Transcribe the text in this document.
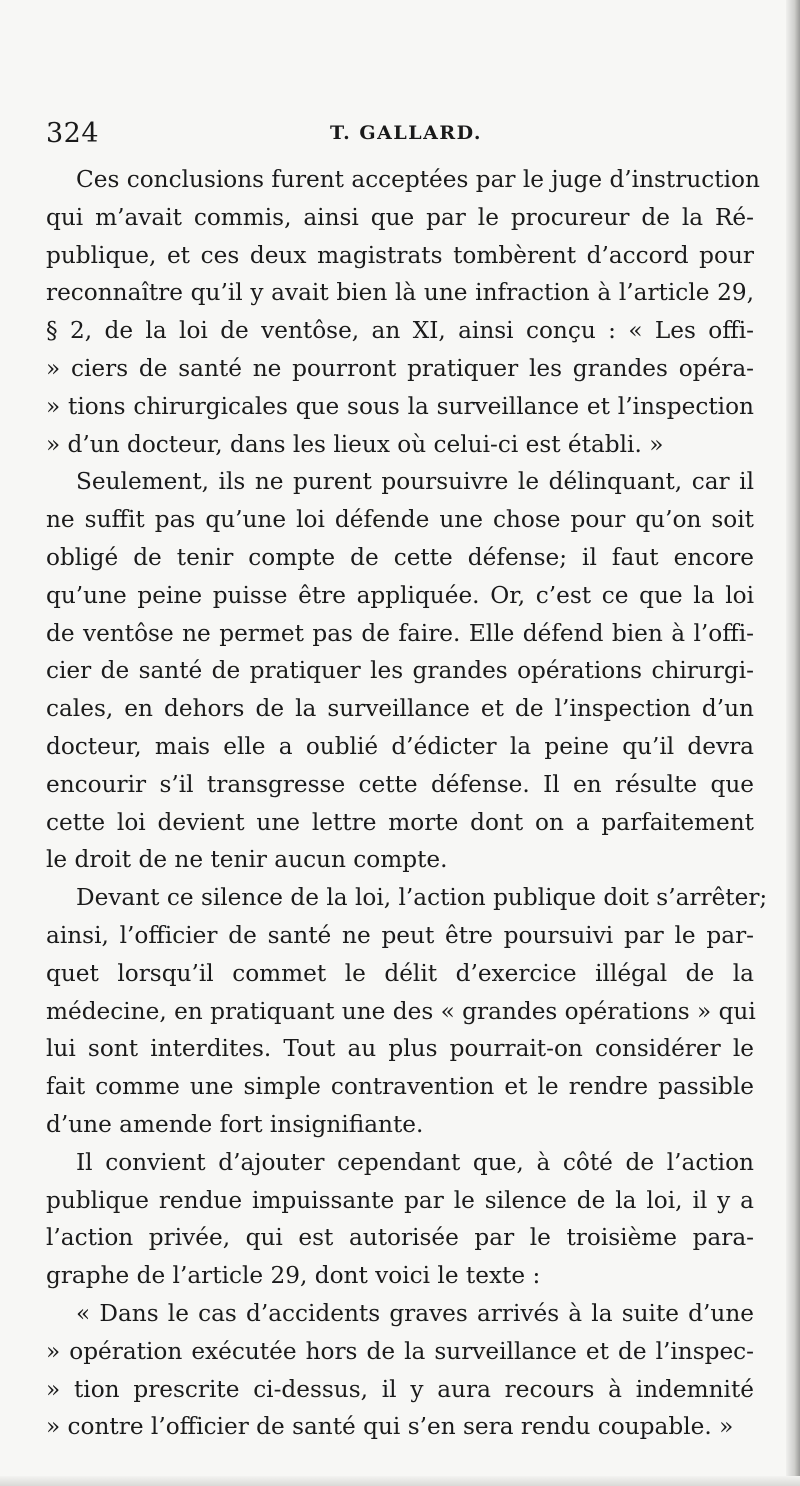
324	T. GALLARD.

Ces conclusions furent acceptées par le juge d’instruction
qui m’avait commis, ainsi que par le procureur de la Ré-
publique, et ces deux magistrats tombèrent d’accord pour
reconnaître qu’il y avait bien là une infraction à l’article 29,
§ 2, de la loi de ventôse, an XI, ainsi conçu : « Les offi-
» ciers de santé ne pourront pratiquer les grandes opéra-
» tions chirurgicales que sous la surveillance et l’inspection
» d’un docteur, dans les lieux où celui-ci est établi. »

Seulement, ils ne purent poursuivre le délinquant, car il
ne suffit pas qu’une loi défende une chose pour qu’on soit
obligé de tenir compte de cette défense; il faut encore
qu’une peine puisse être appliquée. Or, c’est ce que la loi
de ventôse ne permet pas de faire. Elle défend bien à l’offi-
cier de santé de pratiquer les grandes opérations chirurgi-
cales, en dehors de la surveillance et de l’inspection d’un
docteur, mais elle a oublié d’édicter la peine qu’il devra
encourir s’il transgresse cette défense. Il en résulte que
cette loi devient une lettre morte dont on a parfaitement
le droit de ne tenir aucun compte.

Devant ce silence de la loi, l’action publique doit s’arrêter;
ainsi, l’officier de santé ne peut être poursuivi par le par-
quet lorsqu’il commet le délit d’exercice illégal de la
médecine, en pratiquant une des « grandes opérations » qui
lui sont interdites. Tout au plus pourrait-on considérer le
fait comme une simple contravention et le rendre passible
d’une amende fort insignifiante.

Il convient d’ajouter cependant que, à côté de l’action
publique rendue impuissante par le silence de la loi, il y a
l’action privée, qui est autorisée par le troisième para-
graphe de l’article 29, dont voici le texte :

« Dans le cas d’accidents graves arrivés à la suite d’une
» opération exécutée hors de la surveillance et de l’inspec-
» tion prescrite ci-dessus, il y aura recours à indemnité
» contre l’officier de santé qui s’en sera rendu coupable. »
